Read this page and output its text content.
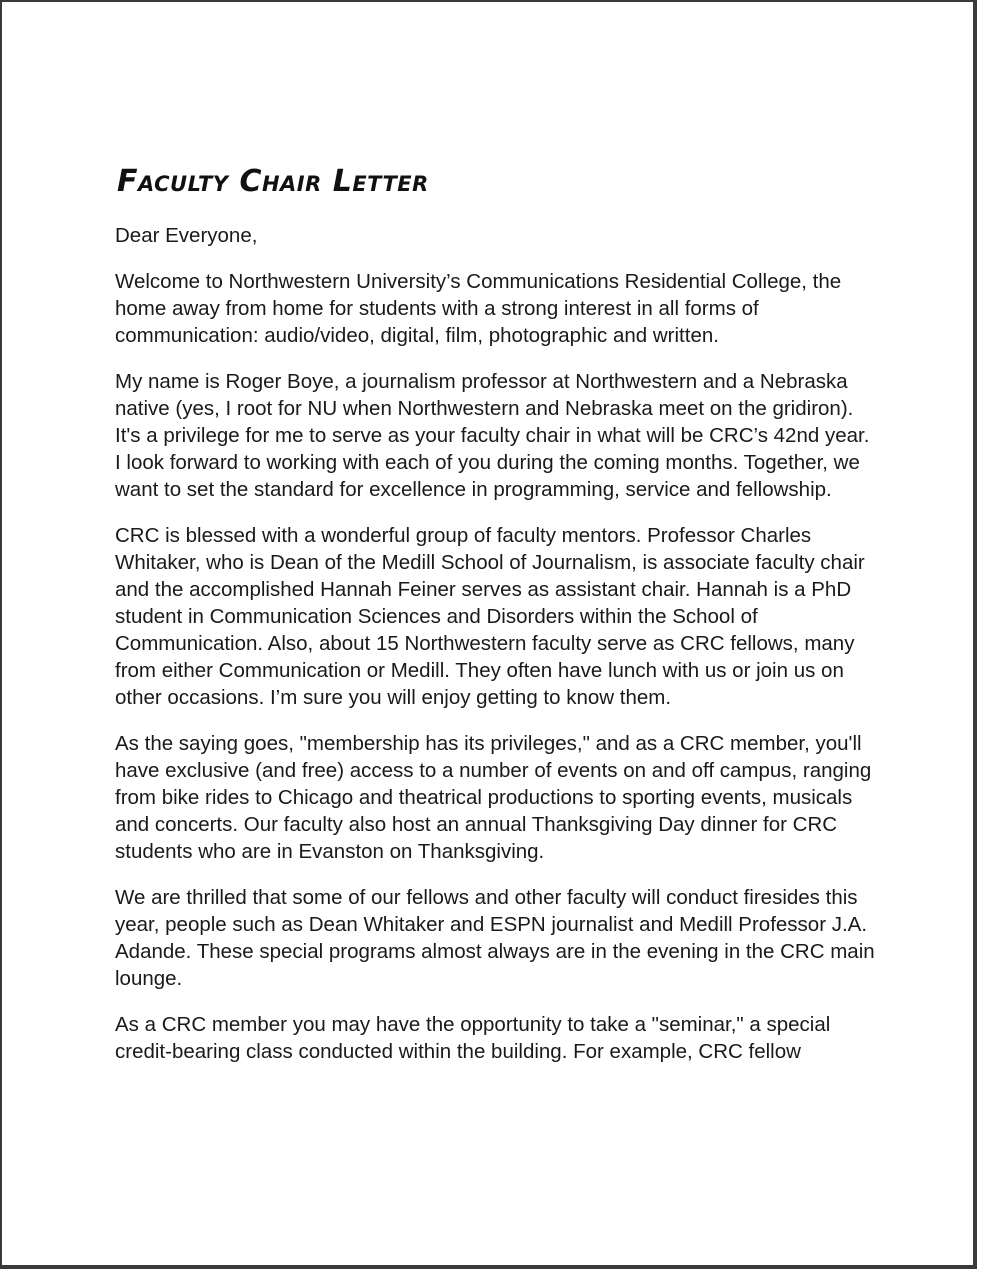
Faculty Chair Letter
Dear Everyone,

Welcome to Northwestern University’s Communications Residential College, the home away from home for students with a strong interest in all forms of communication: audio/video, digital, film, photographic and written.

My name is Roger Boye, a journalism professor at Northwestern and a Nebraska native (yes, I root for NU when Northwestern and Nebraska meet on the gridiron). It's a privilege for me to serve as your faculty chair in what will be CRC’s 42nd year. I look forward to working with each of you during the coming months. Together, we want to set the standard for excellence in programming, service and fellowship.

CRC is blessed with a wonderful group of faculty mentors. Professor Charles Whitaker, who is Dean of the Medill School of Journalism, is associate faculty chair and the accomplished Hannah Feiner serves as assistant chair. Hannah is a PhD student in Communication Sciences and Disorders within the School of Communication. Also, about 15 Northwestern faculty serve as CRC fellows, many from either Communication or Medill. They often have lunch with us or join us on other occasions. I’m sure you will enjoy getting to know them.

As the saying goes, "membership has its privileges," and as a CRC member, you'll have exclusive (and free) access to a number of events on and off campus, ranging from bike rides to Chicago and theatrical productions to sporting events, musicals and concerts. Our faculty also host an annual Thanksgiving Day dinner for CRC students who are in Evanston on Thanksgiving.

We are thrilled that some of our fellows and other faculty will conduct firesides this year, people such as Dean Whitaker and ESPN journalist and Medill Professor J.A. Adande. These special programs almost always are in the evening in the CRC main lounge.

As a CRC member you may have the opportunity to take a "seminar," a special credit-bearing class conducted within the building. For example, CRC fellow
